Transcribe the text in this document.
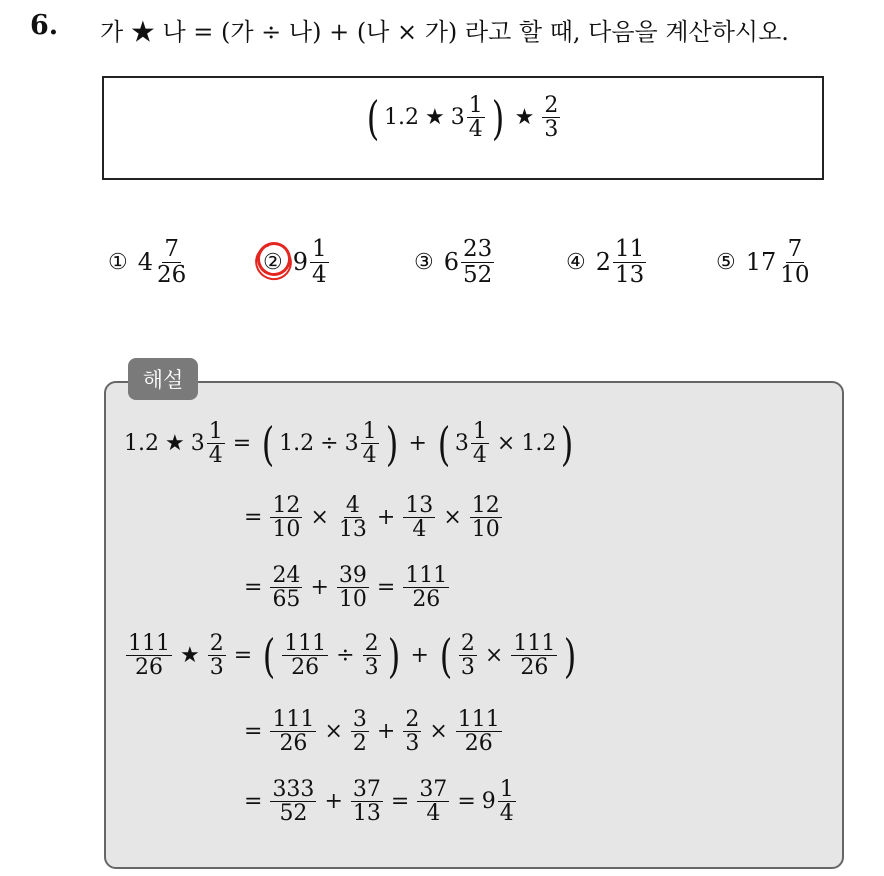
6. 가 ★ 나 = (가 ÷ 나) + (나 × 가) 라고 할 때, 다음을 계산하시오.
( 1.2 ★ $3 \frac{1}{4}$ ) ★ $\frac{2}{3}$
① $4 \frac{7}{26}$	② $9 \frac{1}{4}$	③ $6 \frac{23}{52}$	④ $2 \frac{11}{13}$	⑤ $17 \frac{7}{10}$
해설
1.2 ★ $3 \frac{1}{4}$ = ( $1.2 \div 3 \frac{1}{4}$ ) + ( $3 \frac{1}{4} \times 1.2$ )
= $\frac{12}{10} \times \frac{4}{13} + \frac{13}{4} \times \frac{12}{10}$
= $\frac{24}{65} + \frac{39}{10} = \frac{111}{26}$
$\frac{111}{26}$ ★ $\frac{2}{3}$ = ( $\frac{111}{26} \div \frac{2}{3}$ ) + ( $\frac{2}{3} \times \frac{111}{26}$ )
= $\frac{111}{26} \times \frac{3}{2} + \frac{2}{3} \times \frac{111}{26}$
= $\frac{333}{52} + \frac{37}{13} = \frac{37}{4} = 9 \frac{1}{4}$
